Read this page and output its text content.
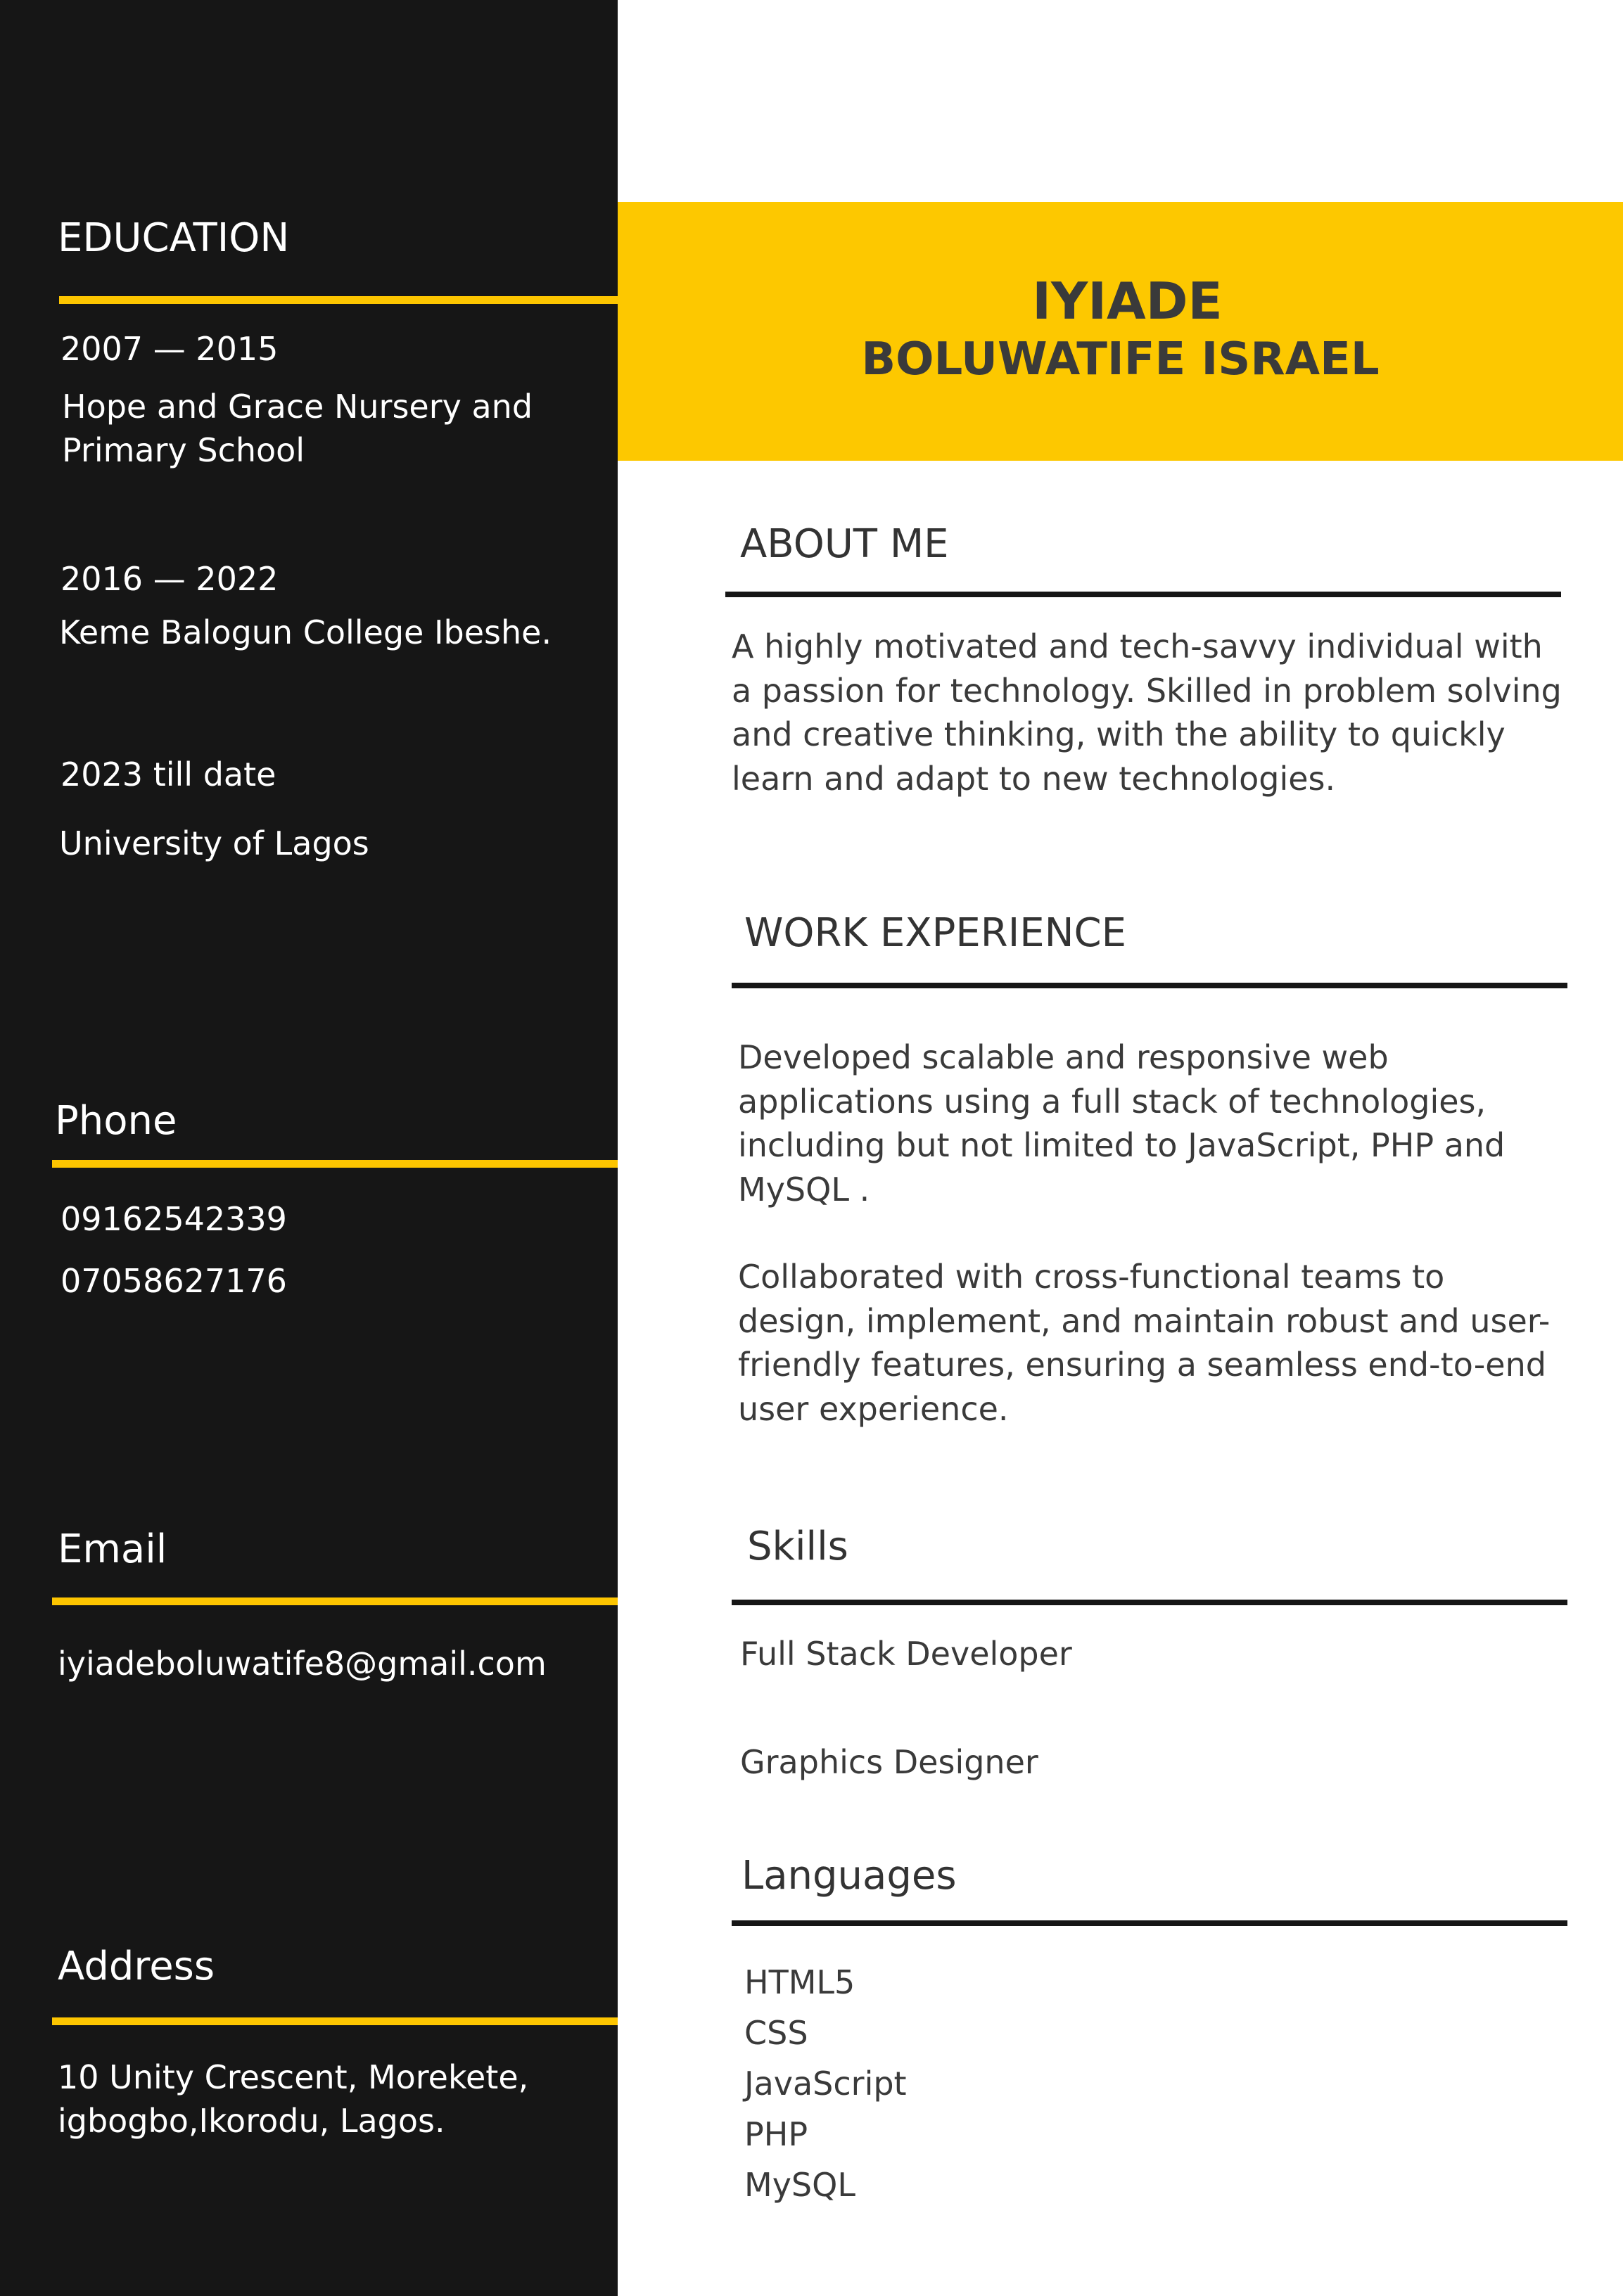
EDUCATION
2007 — 2015
Hope and Grace Nursery and
Primary School
2016 — 2022
Keme Balogun College Ibeshe.
2023 till date
University of Lagos
Phone
09162542339
07058627176
Email
iyiadeboluwatife8@gmail.com
Address
10 Unity Crescent, Morekete,
igbogbo,Ikorodu, Lagos.
IYIADE
BOLUWATIFE ISRAEL
ABOUT ME

A highly motivated and tech-savvy individual with a passion for technology. Skilled in problem solving and creative thinking, with the ability to quickly learn and adapt to new technologies.

WORK EXPERIENCE

Developed scalable and responsive web applications using a full stack of technologies, including but not limited to JavaScript, PHP and MySQL .

Collaborated with cross-functional teams to design, implement, and maintain robust and user-friendly features, ensuring a seamless end-to-end user experience.

Skills
Full Stack Developer
Graphics Designer
Languages
HTML5
CSS
JavaScript
PHP
MySQL
